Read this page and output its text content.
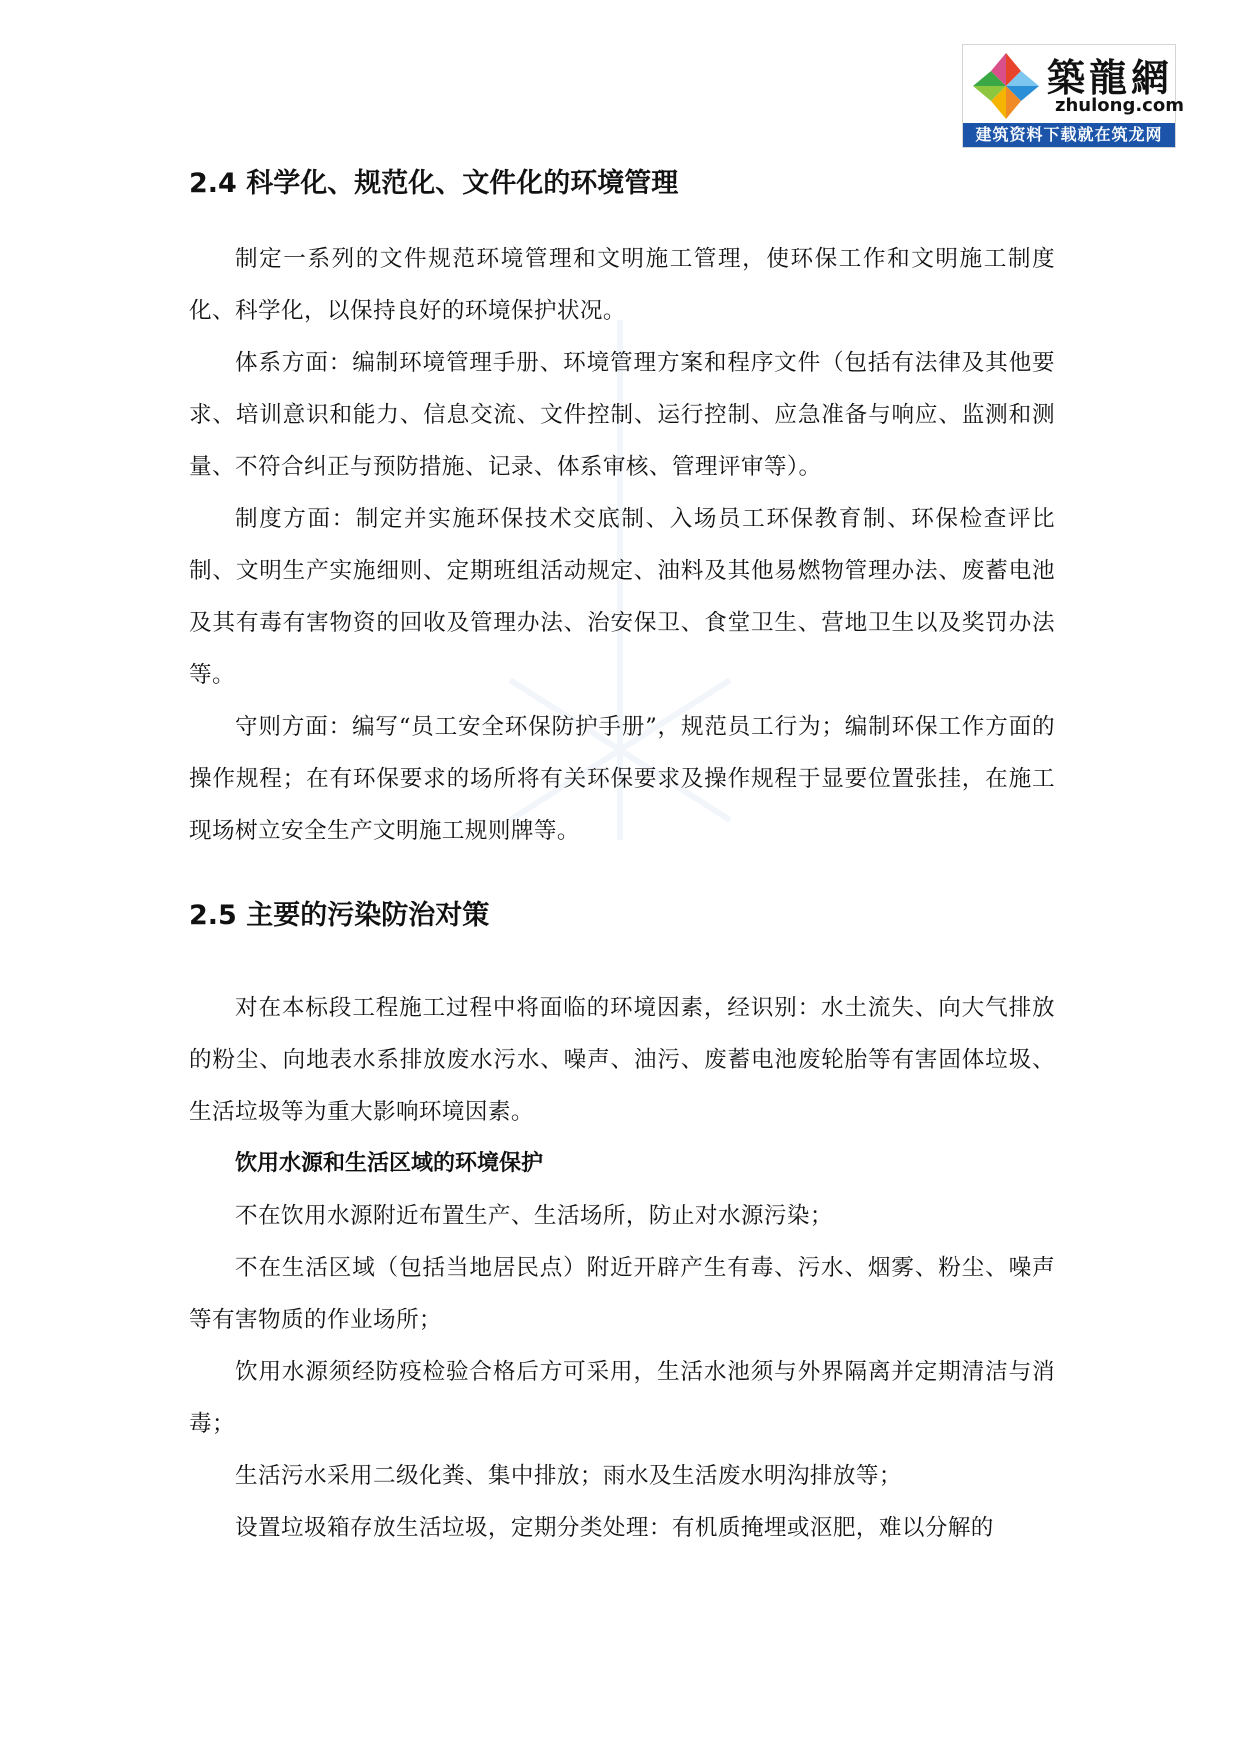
築龍網
zhulong.com
建筑资料下载就在筑龙网
2.4 科学化、规范化、文件化的环境管理

制定一系列的文件规范环境管理和文明施工管理，使环保工作和文明施工制度化、科学化，以保持良好的环境保护状况。

体系方面：编制环境管理手册、环境管理方案和程序文件（包括有法律及其他要求、培训意识和能力、信息交流、文件控制、运行控制、应急准备与响应、监测和测量、不符合纠正与预防措施、记录、体系审核、管理评审等）。

制度方面：制定并实施环保技术交底制、入场员工环保教育制、环保检查评比制、文明生产实施细则、定期班组活动规定、油料及其他易燃物管理办法、废蓄电池及其有毒有害物资的回收及管理办法、治安保卫、食堂卫生、营地卫生以及奖罚办法等。

守则方面：编写“员工安全环保防护手册”，规范员工行为；编制环保工作方面的操作规程；在有环保要求的场所将有关环保要求及操作规程于显要位置张挂，在施工现场树立安全生产文明施工规则牌等。

2.5 主要的污染防治对策

对在本标段工程施工过程中将面临的环境因素，经识别：水土流失、向大气排放的粉尘、向地表水系排放废水污水、噪声、油污、废蓄电池废轮胎等有害固体垃圾、生活垃圾等为重大影响环境因素。

饮用水源和生活区域的环境保护

不在饮用水源附近布置生产、生活场所，防止对水源污染；

不在生活区域（包括当地居民点）附近开辟产生有毒、污水、烟雾、粉尘、噪声等有害物质的作业场所；

饮用水源须经防疫检验合格后方可采用，生活水池须与外界隔离并定期清洁与消毒；

生活污水采用二级化粪、集中排放；雨水及生活废水明沟排放等；

设置垃圾箱存放生活垃圾，定期分类处理：有机质掩埋或沤肥，难以分解的
